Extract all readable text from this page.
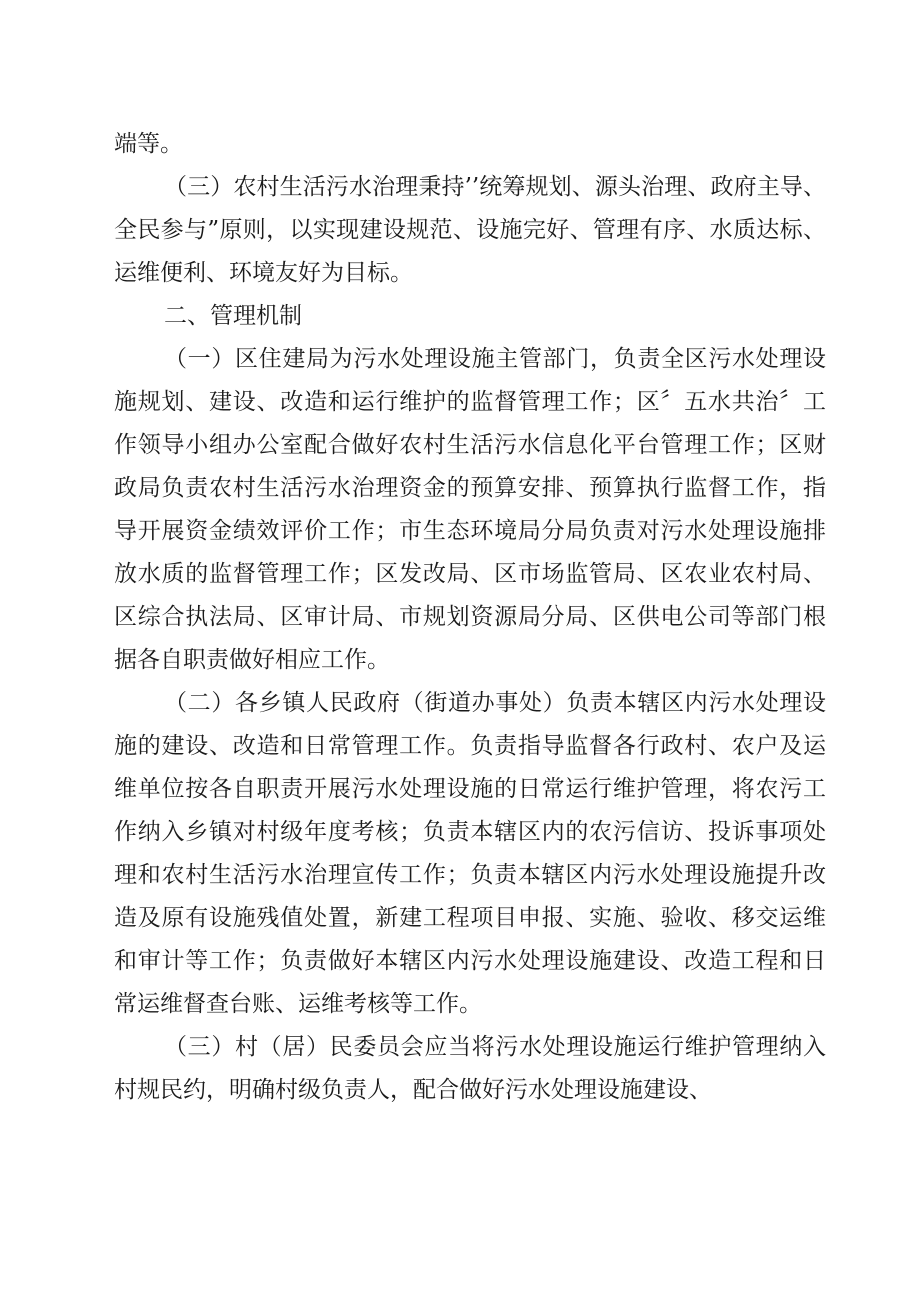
端等。

（三）农村生活污水治理秉持’’统筹规划、源头治理、政府主导、全民参与”原则，以实现建设规范、设施完好、管理有序、水质达标、运维便利、环境友好为目标。

二、管理机制

（一）区住建局为污水处理设施主管部门，负责全区污水处理设施规划、建设、改造和运行维护的监督管理工作；区〞五水共治〞工作领导小组办公室配合做好农村生活污水信息化平台管理工作；区财政局负责农村生活污水治理资金的预算安排、预算执行监督工作，指导开展资金绩效评价工作；市生态环境局分局负责对污水处理设施排放水质的监督管理工作；区发改局、区市场监管局、区农业农村局、区综合执法局、区审计局、市规划资源局分局、区供电公司等部门根据各自职责做好相应工作。

（二）各乡镇人民政府（街道办事处）负责本辖区内污水处理设施的建设、改造和日常管理工作。负责指导监督各行政村、农户及运维单位按各自职责开展污水处理设施的日常运行维护管理，将农污工作纳入乡镇对村级年度考核；负责本辖区内的农污信访、投诉事项处理和农村生活污水治理宣传工作；负责本辖区内污水处理设施提升改造及原有设施残值处置，新建工程项目申报、实施、验收、移交运维和审计等工作；负责做好本辖区内污水处理设施建设、改造工程和日常运维督查台账、运维考核等工作。

（三）村（居）民委员会应当将污水处理设施运行维护管理纳入村规民约，明确村级负责人，配合做好污水处理设施建设、
